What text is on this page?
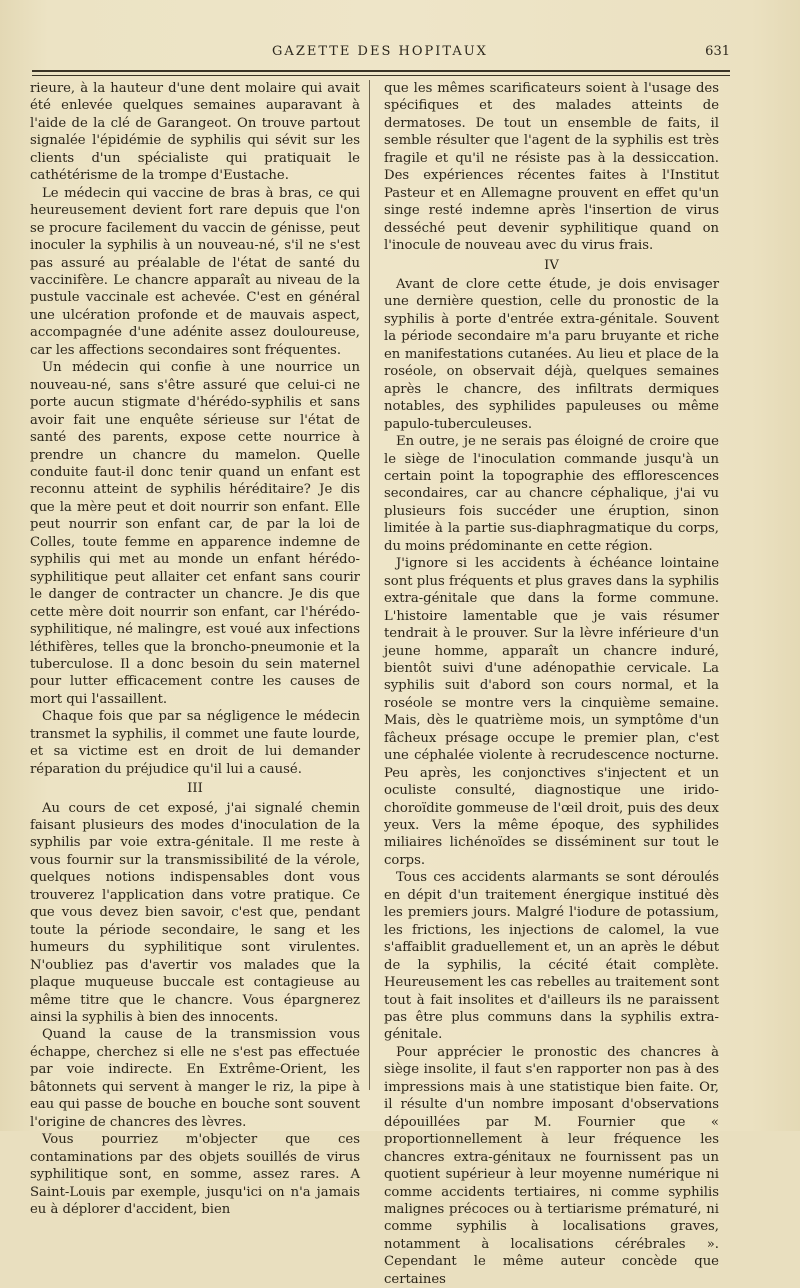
GAZETTE DES HOPITAUX	631

rieure, à la hauteur d'une dent molaire qui avait été enlevée quelques semaines auparavant à l'aide de la clé de Garangeot. On trouve partout signalée l'épidémie de syphilis qui sévit sur les clients d'un spécialiste qui pratiquait le cathétérisme de la trompe d'Eustache.

Le médecin qui vaccine de bras à bras, ce qui heureusement devient fort rare depuis que l'on se procure facilement du vaccin de génisse, peut inoculer la syphilis à un nouveau-né, s'il ne s'est pas assuré au préalable de l'état de santé du vaccinifère. Le chancre apparaît au niveau de la pustule vaccinale est achevée. C'est en général une ulcération profonde et de mauvais aspect, accompagnée d'une adénite assez douloureuse, car les affections secondaires sont fréquentes.

Un médecin qui confie à une nourrice un nouveau-né, sans s'être assuré que celui-ci ne porte aucun stigmate d'hérédo-syphilis et sans avoir fait une enquête sérieuse sur l'état de santé des parents, expose cette nourrice à prendre un chancre du mamelon. Quelle conduite faut-il donc tenir quand un enfant est reconnu atteint de syphilis héréditaire? Je dis que la mère peut et doit nourrir son enfant. Elle peut nourrir son enfant car, de par la loi de Colles, toute femme en apparence indemne de syphilis qui met au monde un enfant hérédo-syphilitique peut allaiter cet enfant sans courir le danger de contracter un chancre. Je dis que cette mère doit nourrir son enfant, car l'hérédo-syphilitique, né malingre, est voué aux infections léthifères, telles que la broncho-pneumonie et la tuberculose. Il a donc besoin du sein maternel pour lutter efficacement contre les causes de mort qui l'assaillent.

Chaque fois que par sa négligence le médecin transmet la syphilis, il commet une faute lourde, et sa victime est en droit de lui demander réparation du préjudice qu'il lui a causé.

III

Au cours de cet exposé, j'ai signalé chemin faisant plusieurs des modes d'inoculation de la syphilis par voie extra-génitale. Il me reste à vous fournir sur la transmissibilité de la vérole, quelques notions indispensables dont vous trouverez l'application dans votre pratique. Ce que vous devez bien savoir, c'est que, pendant toute la période secondaire, le sang et les humeurs du syphilitique sont virulentes. N'oubliez pas d'avertir vos malades que la plaque muqueuse buccale est contagieuse au même titre que le chancre. Vous épargnerez ainsi la syphilis à bien des innocents.

Quand la cause de la transmission vous échappe, cherchez si elle ne s'est pas effectuée par voie indirecte. En Extrême-Orient, les bâtonnets qui servent à manger le riz, la pipe à eau qui passe de bouche en bouche sont souvent l'origine de chancres des lèvres.

Vous pourriez m'objecter que ces contaminations par des objets souillés de virus syphilitique sont, en somme, assez rares. A Saint-Louis par exemple, jusqu'ici on n'a jamais eu à déplorer d'accident, bien

que les mêmes scarificateurs soient à l'usage des spécifiques et des malades atteints de dermatoses. De tout un ensemble de faits, il semble résulter que l'agent de la syphilis est très fragile et qu'il ne résiste pas à la dessiccation. Des expériences récentes faites à l'Institut Pasteur et en Allemagne prouvent en effet qu'un singe resté indemne après l'insertion de virus desséché peut devenir syphilitique quand on l'inocule de nouveau avec du virus frais.

IV

Avant de clore cette étude, je dois envisager une dernière question, celle du pronostic de la syphilis à porte d'entrée extra-génitale. Souvent la période secondaire m'a paru bruyante et riche en manifestations cutanées. Au lieu et place de la roséole, on observait déjà, quelques semaines après le chancre, des infiltrats dermiques notables, des syphilides papuleuses ou même papulo-tuberculeuses.

En outre, je ne serais pas éloigné de croire que le siège de l'inoculation commande jusqu'à un certain point la topographie des efflorescences secondaires, car au chancre céphalique, j'ai vu plusieurs fois succéder une éruption, sinon limitée à la partie sus-diaphragmatique du corps, du moins prédominante en cette région.

J'ignore si les accidents à échéance lointaine sont plus fréquents et plus graves dans la syphilis extra-génitale que dans la forme commune. L'histoire lamentable que je vais résumer tendrait à le prouver. Sur la lèvre inférieure d'un jeune homme, apparaît un chancre induré, bientôt suivi d'une adénopathie cervicale. La syphilis suit d'abord son cours normal, et la roséole se montre vers la cinquième semaine. Mais, dès le quatrième mois, un symptôme d'un fâcheux présage occupe le premier plan, c'est une céphalée violente à recrudescence nocturne. Peu après, les conjonctives s'injectent et un oculiste consulté, diagnostique une irido-choroïdite gommeuse de l'œil droit, puis des deux yeux. Vers la même époque, des syphilides miliaires lichénoïdes se disséminent sur tout le corps.

Tous ces accidents alarmants se sont déroulés en dépit d'un traitement énergique institué dès les premiers jours. Malgré l'iodure de potassium, les frictions, les injections de calomel, la vue s'affaiblit graduellement et, un an après le début de la syphilis, la cécité était complète. Heureusement les cas rebelles au traitement sont tout à fait insolites et d'ailleurs ils ne paraissent pas être plus communs dans la syphilis extra-génitale.

Pour apprécier le pronostic des chancres à siège insolite, il faut s'en rapporter non pas à des impressions mais à une statistique bien faite. Or, il résulte d'un nombre imposant d'observations dépouillées par M. Fournier que « proportionnellement à leur fréquence les chancres extra-génitaux ne fournissent pas un quotient supérieur à leur moyenne numérique ni comme accidents tertiaires, ni comme syphilis malignes précoces ou à tertiarisme prématuré, ni comme syphilis à localisations graves, notamment à localisations cérébrales ». Cependant le même auteur concède que certaines
